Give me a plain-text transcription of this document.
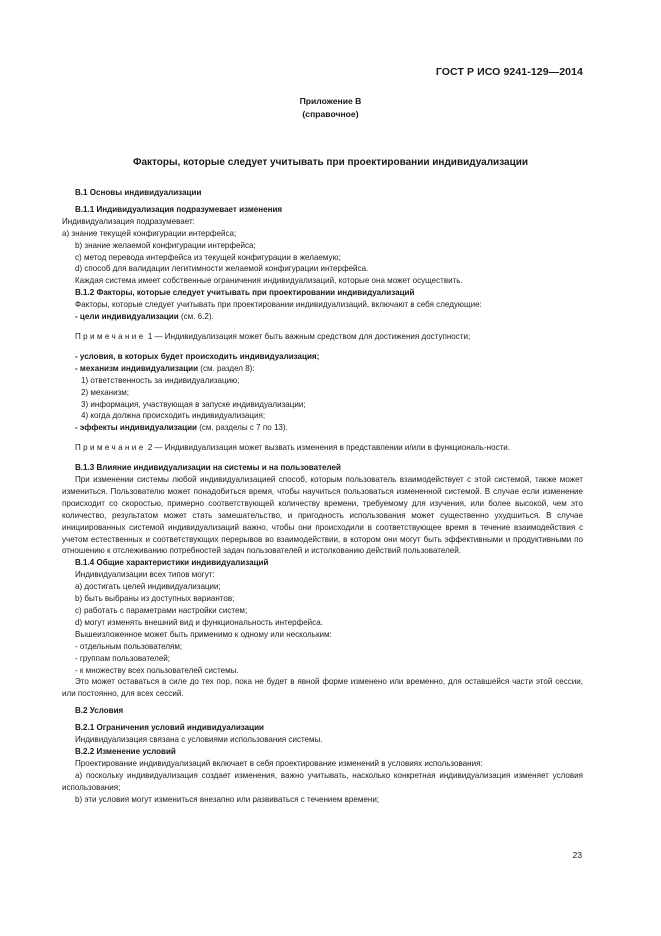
ГОСТ Р ИСО 9241-129—2014
Приложение В
(справочное)
Факторы, которые следует учитывать при проектировании индивидуализации

В.1 Основы индивидуализации

В.1.1 Индивидуализация подразумевает изменения

Индивидуализация подразумевает:

а) знание текущей конфигурации интерфейса;

b) знание желаемой конфигурации интерфейса;

с) метод перевода интерфейса из текущей конфигурации в желаемую;

d) способ для валидации легитимности желаемой конфигурации интерфейса.

Каждая система имеет собственные ограничения индивидуализаций, которые она может осуществить.

В.1.2 Факторы, которые следует учитывать при проектировании индивидуализаций

Факторы, которые следует учитывать при проектировании индивидуализаций, включают в себя следующие:

- цели индивидуализации (см. 6.2).

Примечание 1 — Индивидуализация может быть важным средством для достижения доступности;

- условия, в которых будет происходить индивидуализация;

- механизм индивидуализации (см. раздел 8):

1) ответственность за индивидуализацию;

2) механизм;

3) информация, участвующая в запуске индивидуализации;

4) когда должна происходить индивидуализация;

- эффекты индивидуализации (см. разделы с 7 по 13).

Примечание 2 — Индивидуализация может вызвать изменения в представлении и/или в функциональ-ности.

В.1.3 Влияние индивидуализации на системы и на пользователей

При изменении системы любой индивидуализацией способ, которым пользователь взаимодействует с этой системой, также может измениться. Пользователю может понадобиться время, чтобы научиться пользоваться измененной системой. В случае если изменение происходит со скоростью, примерно соответствующей количеству времени, требуемому для изучения, или более высокой, чем это количество, результатом может стать замешательство, и пригодность использования может существенно ухудшиться. В случае инициированных системой индивидуализаций важно, чтобы они происходили в соответствующее время в течение взаимодействия с учетом естественных и соответствующих перерывов во взаимодействии, в котором они могут быть эффективными и продуктивными по отношению к отслеживанию потребностей задач пользователей и истолкованию действий пользователей.

В.1.4 Общие характеристики индивидуализаций

Индивидуализации всех типов могут:

а) достигать целей индивидуализации;

b) быть выбраны из доступных вариантов;

с) работать с параметрами настройки систем;

d) могут изменять внешний вид и функциональность интерфейса.

Вышеизложенное может быть применимо к одному или нескольким:

- отдельным пользователям;

- группам пользователей;

- к множеству всех пользователей системы.

Это может оставаться в силе до тех пор, пока не будет в явной форме изменено или временно, для оставшейся части этой сессии, или постоянно, для всех сессий.

В.2 Условия

В.2.1 Ограничения условий индивидуализации

Индивидуализация связана с условиями использования системы.

В.2.2 Изменение условий

Проектирование индивидуализаций включает в себя проектирование изменений в условиях использования:

а) поскольку индивидуализация создает изменения, важно учитывать, насколько конкретная индивидуализация изменяет условия использования;

b) эти условия могут измениться внезапно или развиваться с течением времени;

23
